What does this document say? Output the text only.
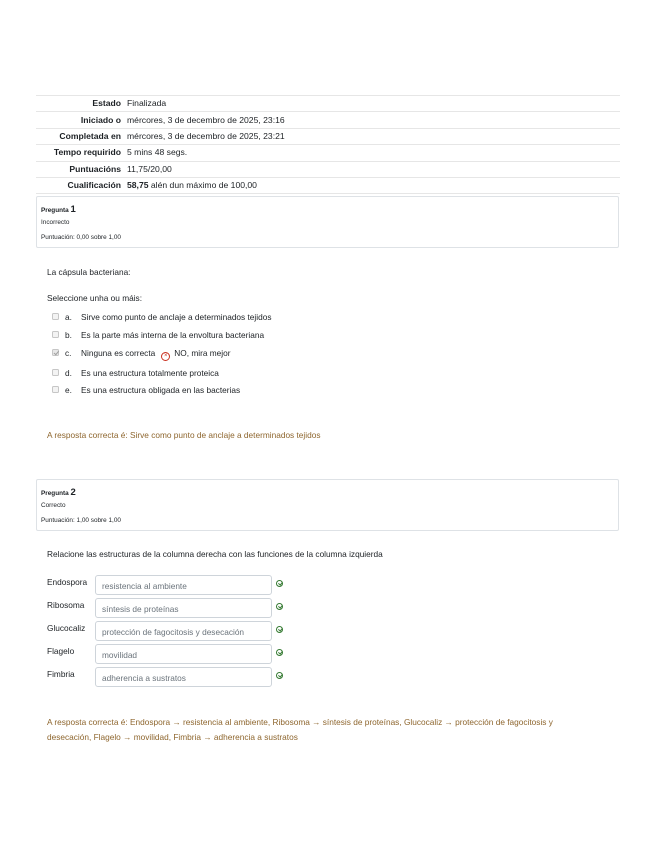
Estado	Finalizada
Iniciado o	mércores, 3 de decembro de 2025, 23:16
Completada en	mércores, 3 de decembro de 2025, 23:21
Tempo requirido	5 mins 48 segs.
Puntuacións	11,75/20,00
Cualificación	58,75 alén dun máximo de 100,00
Pregunta 1
Incorrecto
Puntuación: 0,00 sobre 1,00
La cápsula bacteriana:
Seleccione unha ou máis:
a. Sirve como punto de anclaje a determinados tejidos
b. Es la parte más interna de la envoltura bacteriana
c. Ninguna es correcta × NO, mira mejor
d. Es una estructura totalmente proteica
e. Es una estructura obligada en las bacterias
A resposta correcta é: Sirve como punto de anclaje a determinados tejidos
Pregunta 2
Correcto
Puntuación: 1,00 sobre 1,00
Relacione las estructuras de la columna derecha con las funciones de la columna izquierda
Endospora	resistencia al ambiente
Ribosoma	síntesis de proteínas
Glucocaliz	protección de fagocitosis y desecación
Flagelo	movilidad
Fimbria	adherencia a sustratos
A resposta correcta é: Endospora → resistencia al ambiente, Ribosoma → síntesis de proteínas, Glucocaliz → protección de fagocitosis y
desecación, Flagelo → movilidad, Fimbria → adherencia a sustratos
